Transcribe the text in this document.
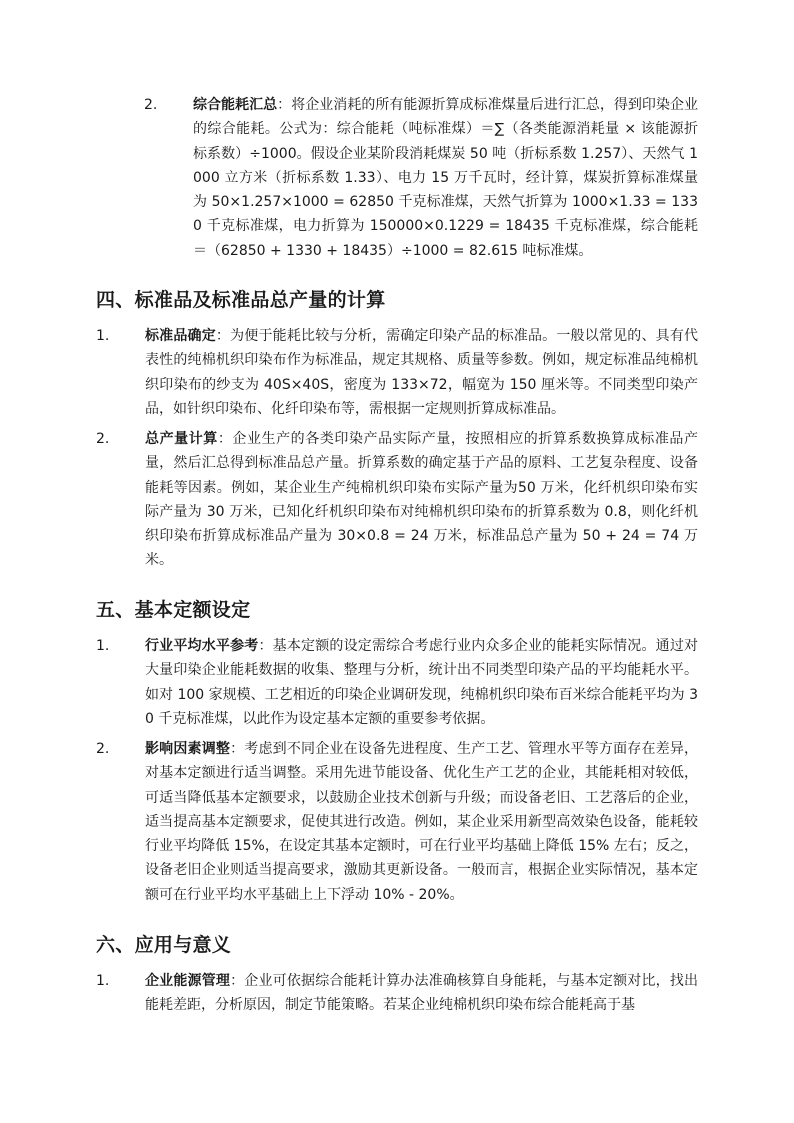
2.	综合能耗汇总：将企业消耗的所有能源折算成标准煤量后进行汇总，得到印染企业的综合能耗。公式为：综合能耗（吨标准煤）＝∑（各类能源消耗量 × 该能源折标系数）÷1000。假设企业某阶段消耗煤炭 50 吨（折标系数 1.257）、天然气 1000 立方米（折标系数 1.33）、电力 15 万千瓦时，经计算，煤炭折算标准煤量为 50×1.257×1000 = 62850 千克标准煤，天然气折算为 1000×1.33 = 1330 千克标准煤，电力折算为 150000×0.1229 = 18435 千克标准煤，综合能耗 ＝（62850 + 1330 + 18435）÷1000 = 82.615 吨标准煤。
四、标准品及标准品总产量的计算
1.	标准品确定：为便于能耗比较与分析，需确定印染产品的标准品。一般以常见的、具有代表性的纯棉机织印染布作为标准品，规定其规格、质量等参数。例如，规定标准品纯棉机织印染布的纱支为 40S×40S，密度为 133×72，幅宽为 150 厘米等。不同类型印染产品，如针织印染布、化纤印染布等，需根据一定规则折算成标准品。
2.	总产量计算：企业生产的各类印染产品实际产量，按照相应的折算系数换算成标准品产量，然后汇总得到标准品总产量。折算系数的确定基于产品的原料、工艺复杂程度、设备能耗等因素。例如，某企业生产纯棉机织印染布实际产量为50 万米，化纤机织印染布实际产量为 30 万米，已知化纤机织印染布对纯棉机织印染布的折算系数为 0.8，则化纤机织印染布折算成标准品产量为 30×0.8 = 24 万米，标准品总产量为 50 + 24 = 74 万米。
五、基本定额设定
1.	行业平均水平参考：基本定额的设定需综合考虑行业内众多企业的能耗实际情况。通过对大量印染企业能耗数据的收集、整理与分析，统计出不同类型印染产品的平均能耗水平。如对 100 家规模、工艺相近的印染企业调研发现，纯棉机织印染布百米综合能耗平均为 30 千克标准煤，以此作为设定基本定额的重要参考依据。
2.	影响因素调整：考虑到不同企业在设备先进程度、生产工艺、管理水平等方面存在差异，对基本定额进行适当调整。采用先进节能设备、优化生产工艺的企业，其能耗相对较低，可适当降低基本定额要求，以鼓励企业技术创新与升级；而设备老旧、工艺落后的企业，适当提高基本定额要求，促使其进行改造。例如，某企业采用新型高效染色设备，能耗较行业平均降低 15%，在设定其基本定额时，可在行业平均基础上降低 15% 左右；反之，设备老旧企业则适当提高要求，激励其更新设备。一般而言，根据企业实际情况，基本定额可在行业平均水平基础上上下浮动 10% - 20%。
六、应用与意义
1.	企业能源管理：企业可依据综合能耗计算办法准确核算自身能耗，与基本定额对比，找出能耗差距，分析原因，制定节能策略。若某企业纯棉机织印染布综合能耗高于基
